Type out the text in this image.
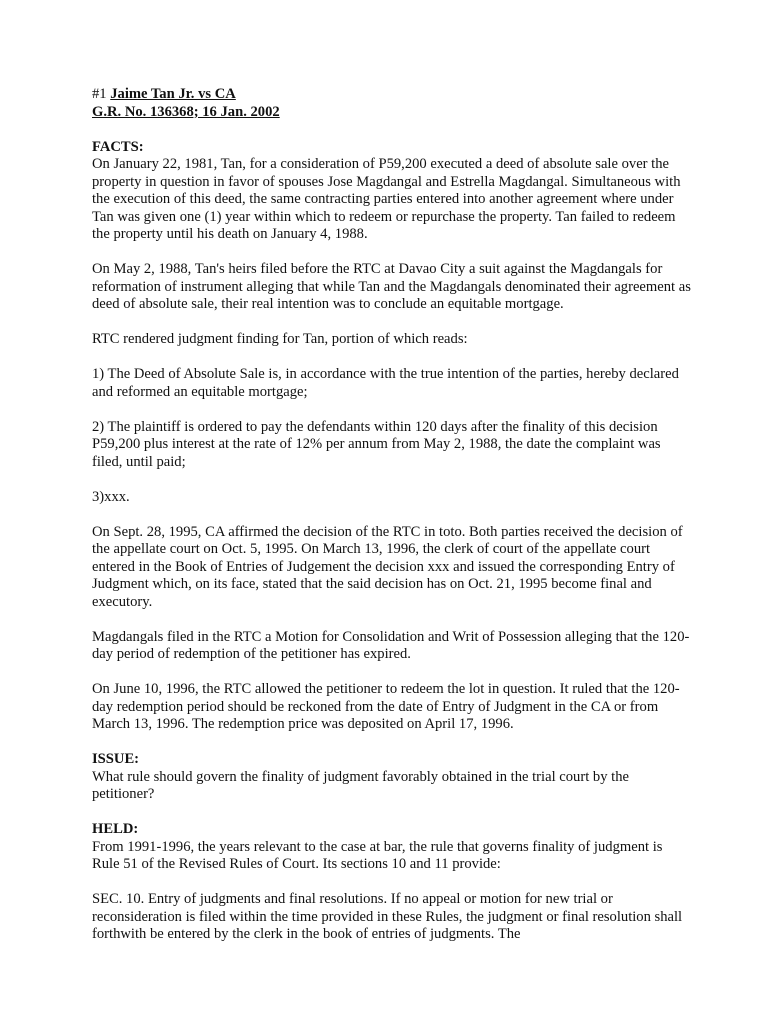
#1 Jaime Tan Jr. vs CA

G.R. No. 136368; 16 Jan. 2002

FACTS:

On January 22, 1981, Tan, for a consideration of P59,200 executed a deed of absolute sale over the property in question in favor of spouses Jose Magdangal and Estrella Magdangal. Simultaneous with the execution of this deed, the same contracting parties entered into another agreement where under Tan was given one (1) year within which to redeem or repurchase the property. Tan failed to redeem the property until his death on January 4, 1988.

On May 2, 1988, Tan's heirs filed before the RTC at Davao City a suit against the Magdangals for reformation of instrument alleging that while Tan and the Magdangals denominated their agreement as deed of absolute sale, their real intention was to conclude an equitable mortgage.

RTC rendered judgment finding for Tan, portion of which reads:

1) The Deed of Absolute Sale is, in accordance with the true intention of the parties, hereby declared and reformed an equitable mortgage;

2) The plaintiff is ordered to pay the defendants within 120 days after the finality of this decision P59,200 plus interest at the rate of 12% per annum from May 2, 1988, the date the complaint was filed, until paid;

3)xxx.

On Sept. 28, 1995, CA affirmed the decision of the RTC in toto. Both parties received the decision of the appellate court on Oct. 5, 1995. On March 13, 1996, the clerk of court of the appellate court entered in the Book of Entries of Judgement the decision xxx and issued the corresponding Entry of Judgment which, on its face, stated that the said decision has on Oct. 21, 1995 become final and executory.

Magdangals filed in the RTC a Motion for Consolidation and Writ of Possession alleging that the 120-day period of redemption of the petitioner has expired.

On June 10, 1996, the RTC allowed the petitioner to redeem the lot in question. It ruled that the 120-day redemption period should be reckoned from the date of Entry of Judgment in the CA or from March 13, 1996. The redemption price was deposited on April 17, 1996.

ISSUE:

What rule should govern the finality of judgment favorably obtained in the trial court by the petitioner?

HELD:

From 1991-1996, the years relevant to the case at bar, the rule that governs finality of judgment is Rule 51 of the Revised Rules of Court. Its sections 10 and 11 provide:

SEC. 10. Entry of judgments and final resolutions. If no appeal or motion for new trial or reconsideration is filed within the time provided in these Rules, the judgment or final resolution shall forthwith be entered by the clerk in the book of entries of judgments. The
